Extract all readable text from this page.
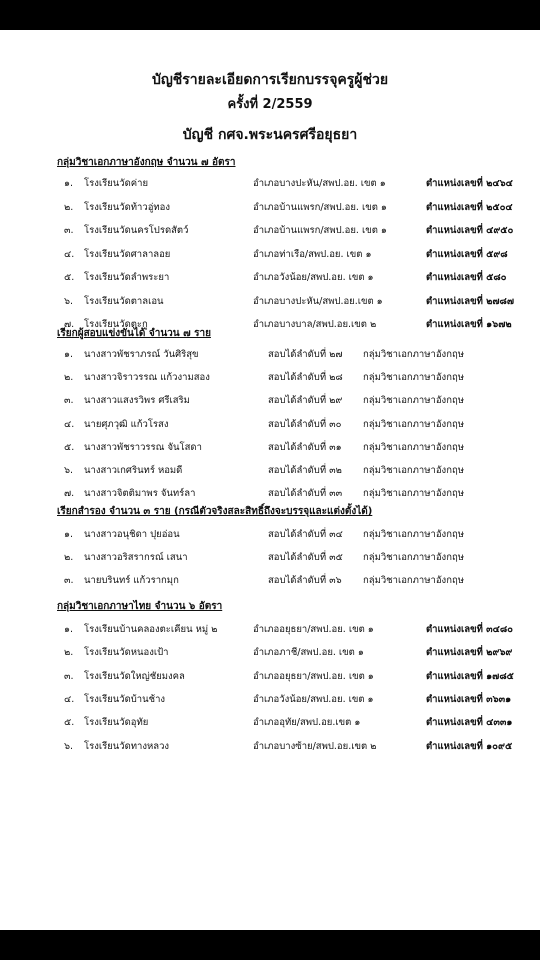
บัญชีรายละเอียดการเรียกบรรจุครูผู้ช่วย
ครั้งที่ 2/2559
บัญชี กศจ.พระนครศรีอยุธยา
กลุ่มวิชาเอกภาษาอังกฤษ จำนวน ๗ อัตรา
๑.	โรงเรียนวัดค่าย	อำเภอบางปะหัน/สพป.อย. เขต ๑	ตำแหน่งเลขที่ ๒๔๖๔
๒.	โรงเรียนวัดท้าวอู่ทอง	อำเภอบ้านแพรก/สพป.อย. เขต ๑	ตำแหน่งเลขที่ ๒๕๐๔
๓.	โรงเรียนวัดนครโปรดสัตว์	อำเภอบ้านแพรก/สพป.อย. เขต ๑	ตำแหน่งเลขที่ ๔๙๕๐
๔.	โรงเรียนวัดศาลาลอย	อำเภอท่าเรือ/สพป.อย. เขต ๑	ตำแหน่งเลขที่ ๕๙๘
๕.	โรงเรียนวัดลำพระยา	อำเภอวังน้อย/สพป.อย. เขต ๑	ตำแหน่งเลขที่ ๕๘๐
๖.	โรงเรียนวัดตาลเอน	อำเภอบางปะหัน/สพป.อย.เขต ๑	ตำแหน่งเลขที่ ๒๗๘๗
๗.	โรงเรียนวัดตะกู	อำเภอบางบาล/สพป.อย.เขต ๒	ตำแหน่งเลขที่ ๑๖๗๒
เรียกผู้สอบแข่งขันได้ จำนวน ๗ ราย
๑.	นางสาวพัชราภรณ์ วันศิริสุข	สอบได้ลำดับที่ ๒๗	กลุ่มวิชาเอกภาษาอังกฤษ
๒.	นางสาวจิราวรรณ แก้วงามสอง	สอบได้ลำดับที่ ๒๘	กลุ่มวิชาเอกภาษาอังกฤษ
๓.	นางสาวแสงรวิพร ศรีเสริม	สอบได้ลำดับที่ ๒๙	กลุ่มวิชาเอกภาษาอังกฤษ
๔.	นายศุภวุฒิ แก้วโรสง	สอบได้ลำดับที่ ๓๐	กลุ่มวิชาเอกภาษาอังกฤษ
๕.	นางสาวพัชราวรรณ จันโสดา	สอบได้ลำดับที่ ๓๑	กลุ่มวิชาเอกภาษาอังกฤษ
๖.	นางสาวเกศรินทร์ หอมดี	สอบได้ลำดับที่ ๓๒	กลุ่มวิชาเอกภาษาอังกฤษ
๗.	นางสาวจิตติมาพร จันทร์ลา	สอบได้ลำดับที่ ๓๓	กลุ่มวิชาเอกภาษาอังกฤษ
เรียกสำรอง จำนวน ๓ ราย (กรณีตัวจริงสละสิทธิ์ถึงจะบรรจุและแต่งตั้งได้)
๑.	นางสาวอนุชิดา ปุยอ่อน	สอบได้ลำดับที่ ๓๔	กลุ่มวิชาเอกภาษาอังกฤษ
๒.	นางสาวอริสรากรณ์ เสนา	สอบได้ลำดับที่ ๓๕	กลุ่มวิชาเอกภาษาอังกฤษ
๓.	นายบรินทร์ แก้วรากมุก	สอบได้ลำดับที่ ๓๖	กลุ่มวิชาเอกภาษาอังกฤษ
กลุ่มวิชาเอกภาษาไทย จำนวน ๖ อัตรา
๑.	โรงเรียนบ้านคลองตะเคียน หมู่ ๒	อำเภออยุธยา/สพป.อย. เขต ๑	ตำแหน่งเลขที่ ๓๔๘๐
๒.	โรงเรียนวัดหนองเป้า	อำเภอภาชี/สพป.อย. เขต ๑	ตำแหน่งเลขที่ ๒๙๖๙
๓.	โรงเรียนวัดใหญ่ชัยมงคล	อำเภออยุธยา/สพป.อย. เขต ๑	ตำแหน่งเลขที่ ๑๗๘๕
๔.	โรงเรียนวัดบ้านช้าง	อำเภอวังน้อย/สพป.อย. เขต ๑	ตำแหน่งเลขที่ ๓๖๓๑
๕.	โรงเรียนวัดอุทัย	อำเภออุทัย/สพป.อย.เขต ๑	ตำแหน่งเลขที่ ๔๓๓๑
๖.	โรงเรียนวัดทางหลวง	อำเภอบางซ้าย/สพป.อย.เขต ๒	ตำแหน่งเลขที่ ๑๐๙๕
